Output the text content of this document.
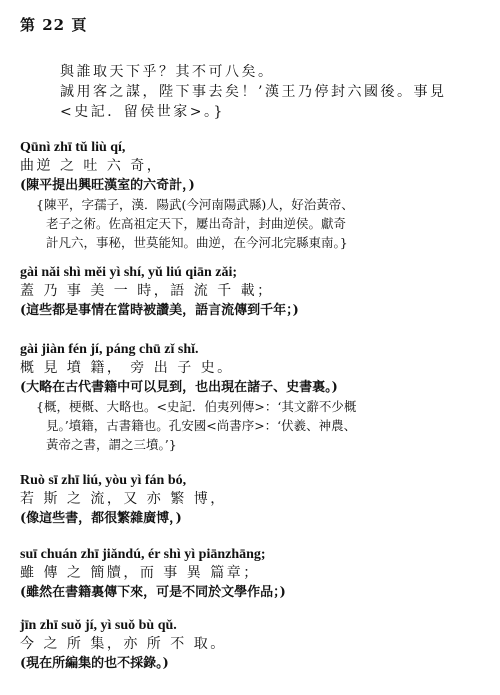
第 22 頁
與誰取天下乎？其不可八矣。
誠用客之謀，陛下事去矣！’漢王乃停封六國後。事見
<史記．留侯世家>。}
Qūnì zhī tǔ liù qí,
曲逆 之 吐 六 奇，
(陳平提出興旺漢室的六奇計，)
{陳平，字孺子，漢．陽武(今河南陽武縣)人，好治黃帝、
老子之術。佐高祖定天下，屢出奇計，封曲逆侯。獻奇
計凡六，事秘，世莫能知。曲逆，在今河北完縣東南。}
gài nǎi shì měi yì shí, yǔ liú qiān zǎi;
蓋 乃 事 美 一 時，語 流 千 載；
(這些都是事情在當時被讚美，語言流傳到千年；)
gài jiàn fén jí, páng chū zǐ shǐ.
概 見 墳 籍， 旁 出 子 史。
(大略在古代書籍中可以見到，也出現在諸子、史書裏。)
{概，梗概、大略也。<史記．伯夷列傳>：‘其文辭不少概
見。’墳籍，古書籍也。孔安國<尚書序>：‘伏羲、神農、
黃帝之書，謂之三墳。’}
Ruò sī zhī liú, yòu yì fán bó,
若 斯 之 流，又 亦 繁 博，
(像這些書，都很繁雜廣博，)
suī chuán zhī jiǎndú, ér shì yì piānzhāng;
雖 傳 之 簡牘，而 事 異 篇章；
(雖然在書籍裏傳下來，可是不同於文學作品；)
jīn zhī suǒ jí, yì suǒ bù qǔ.
今 之 所 集，亦 所 不 取。
(現在所編集的也不採錄。)
